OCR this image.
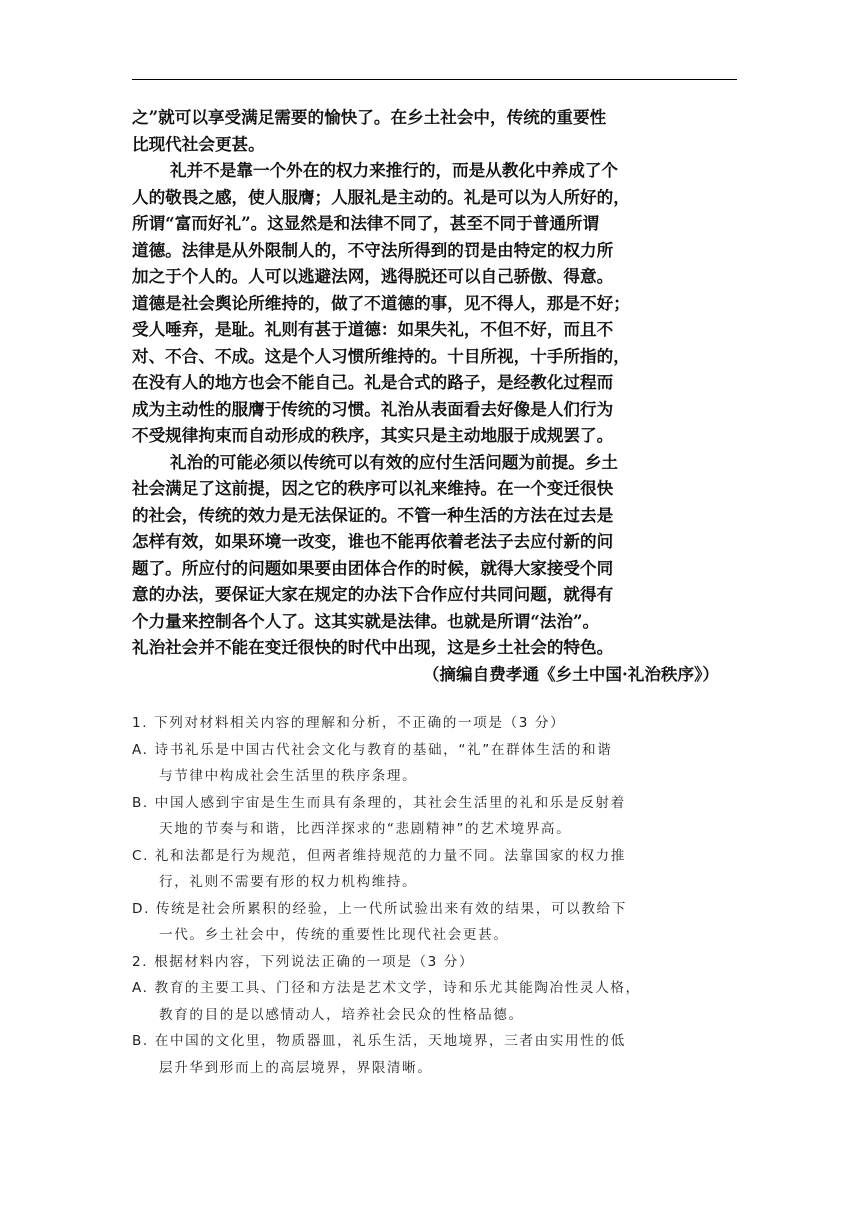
之”就可以享受满足需要的愉快了。在乡土社会中，传统的重要性
比现代社会更甚。
礼并不是靠一个外在的权力来推行的，而是从教化中养成了个
人的敬畏之感，使人服膺；人服礼是主动的。礼是可以为人所好的，
所谓“富而好礼”。这显然是和法律不同了，甚至不同于普通所谓
道德。法律是从外限制人的，不守法所得到的罚是由特定的权力所
加之于个人的。人可以逃避法网，逃得脱还可以自己骄傲、得意。
道德是社会舆论所维持的，做了不道德的事，见不得人，那是不好；
受人唾弃，是耻。礼则有甚于道德：如果失礼，不但不好，而且不
对、不合、不成。这是个人习惯所维持的。十目所视，十手所指的，
在没有人的地方也会不能自己。礼是合式的路子，是经教化过程而
成为主动性的服膺于传统的习惯。礼治从表面看去好像是人们行为
不受规律拘束而自动形成的秩序，其实只是主动地服于成规罢了。
礼治的可能必须以传统可以有效的应付生活问题为前提。乡土
社会满足了这前提，因之它的秩序可以礼来维持。在一个变迁很快
的社会，传统的效力是无法保证的。不管一种生活的方法在过去是
怎样有效，如果环境一改变，谁也不能再依着老法子去应付新的问
题了。所应付的问题如果要由团体合作的时候，就得大家接受个同
意的办法，要保证大家在规定的办法下合作应付共同问题，就得有
个力量来控制各个人了。这其实就是法律。也就是所谓“法治”。
礼治社会并不能在变迁很快的时代中出现，这是乡土社会的特色。
（摘编自费孝通《乡土中国·礼治秩序》）
1. 下列对材料相关内容的理解和分析，不正确的一项是（3 分）
A. 诗书礼乐是中国古代社会文化与教育的基础，“礼”在群体生活的和谐
与节律中构成社会生活里的秩序条理。
B. 中国人感到宇宙是生生而具有条理的，其社会生活里的礼和乐是反射着
天地的节奏与和谐，比西洋探求的“悲剧精神”的艺术境界高。
C. 礼和法都是行为规范，但两者维持规范的力量不同。法靠国家的权力推
行，礼则不需要有形的权力机构维持。
D. 传统是社会所累积的经验，上一代所试验出来有效的结果，可以教给下
一代。乡土社会中，传统的重要性比现代社会更甚。
2. 根据材料内容，下列说法正确的一项是（3 分）
A. 教育的主要工具、门径和方法是艺术文学，诗和乐尤其能陶冶性灵人格，
教育的目的是以感情动人，培养社会民众的性格品德。
B. 在中国的文化里，物质器皿，礼乐生活，天地境界，三者由实用性的低
层升华到形而上的高层境界，界限清晰。
